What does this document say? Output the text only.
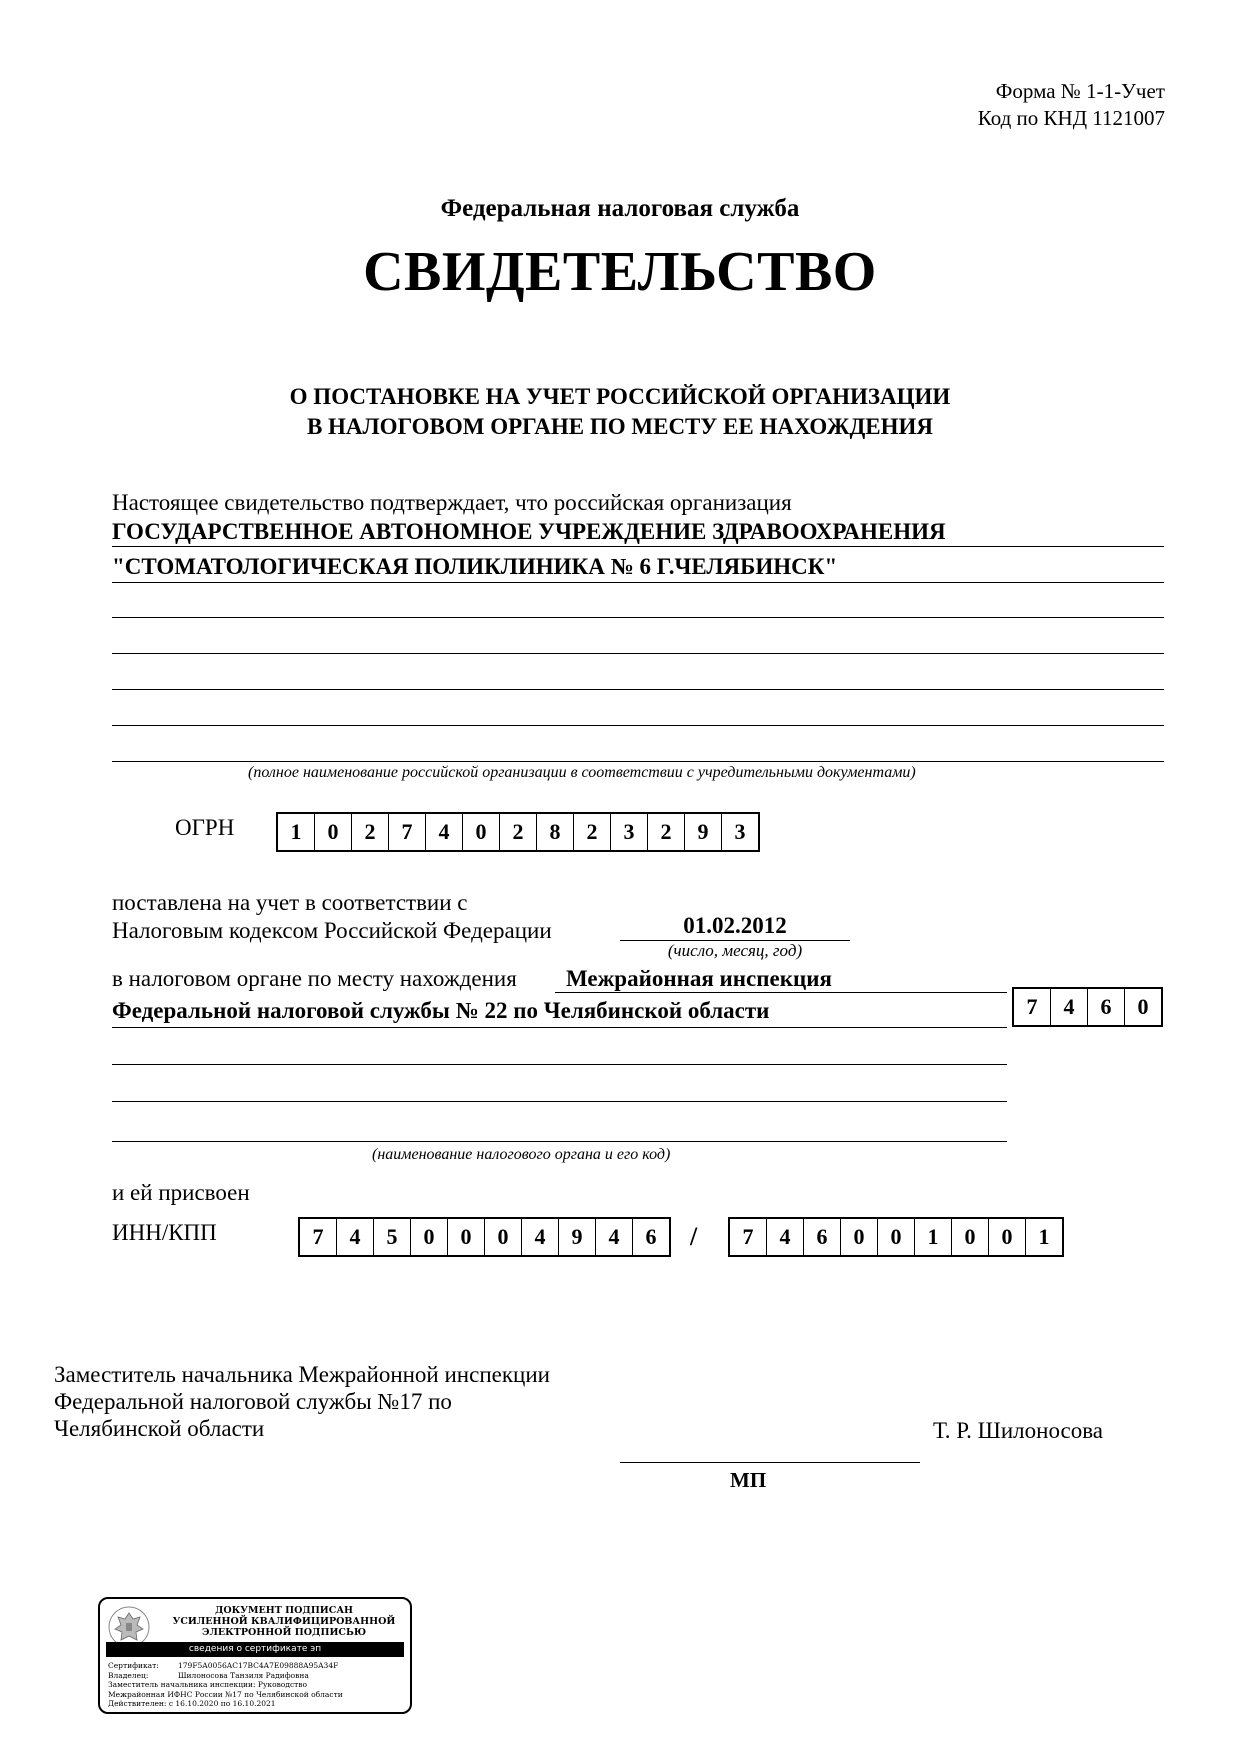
Форма № 1-1-Учет
Код по КНД 1121007
Федеральная налоговая служба
СВИДЕТЕЛЬСТВО
О ПОСТАНОВКЕ НА УЧЕТ РОССИЙСКОЙ ОРГАНИЗАЦИИ
В НАЛОГОВОМ ОРГАНЕ ПО МЕСТУ ЕЕ НАХОЖДЕНИЯ
Настоящее свидетельство подтверждает, что российская организация
ГОСУДАРСТВЕННОЕ АВТОНОМНОЕ УЧРЕЖДЕНИЕ ЗДРАВООХРАНЕНИЯ
"СТОМАТОЛОГИЧЕСКАЯ ПОЛИКЛИНИКА № 6 Г.ЧЕЛЯБИНСК"
(полное наименование российской организации в соответствии с учредительными документами)
ОГРН	1	0	2	7	4	0	2	8	2	3	2	9	3
поставлена на учет в соответствии с
Налоговым кодексом Российской Федерации	01.02.2012
(число, месяц, год)
в налоговом органе по месту нахождения Межрайонная инспекция
Федеральной налоговой службы № 22 по Челябинской области
(наименование налогового органа и его код)
7	4	6	0
и ей присвоен
ИНН/КПП	7	4	5	0	0	0	4	9	4	6	/	7	4	6	0	0	1	0	0	1
Заместитель начальника Межрайонной инспекции
Федеральной налоговой службы №17 по
Челябинской области	Т. Р. Шилоносова
МП
ДОКУМЕНТ ПОДПИСАН
УСИЛЕННОЙ КВАЛИФИЦИРОВАННОЙ
ЭЛЕКТРОННОЙ ПОДПИСЬЮ
сведения о сертификате эп
Сертификат:	179F5A0056AC17BC4A7E09888A95A34F
Владелец:	Шилоносова Танзиля Радифовна
Заместитель начальника инспекции: Руководство
Межрайонная ИФНС России №17 по Челябинской области
Действителен: с 16.10.2020 по 16.10.2021
